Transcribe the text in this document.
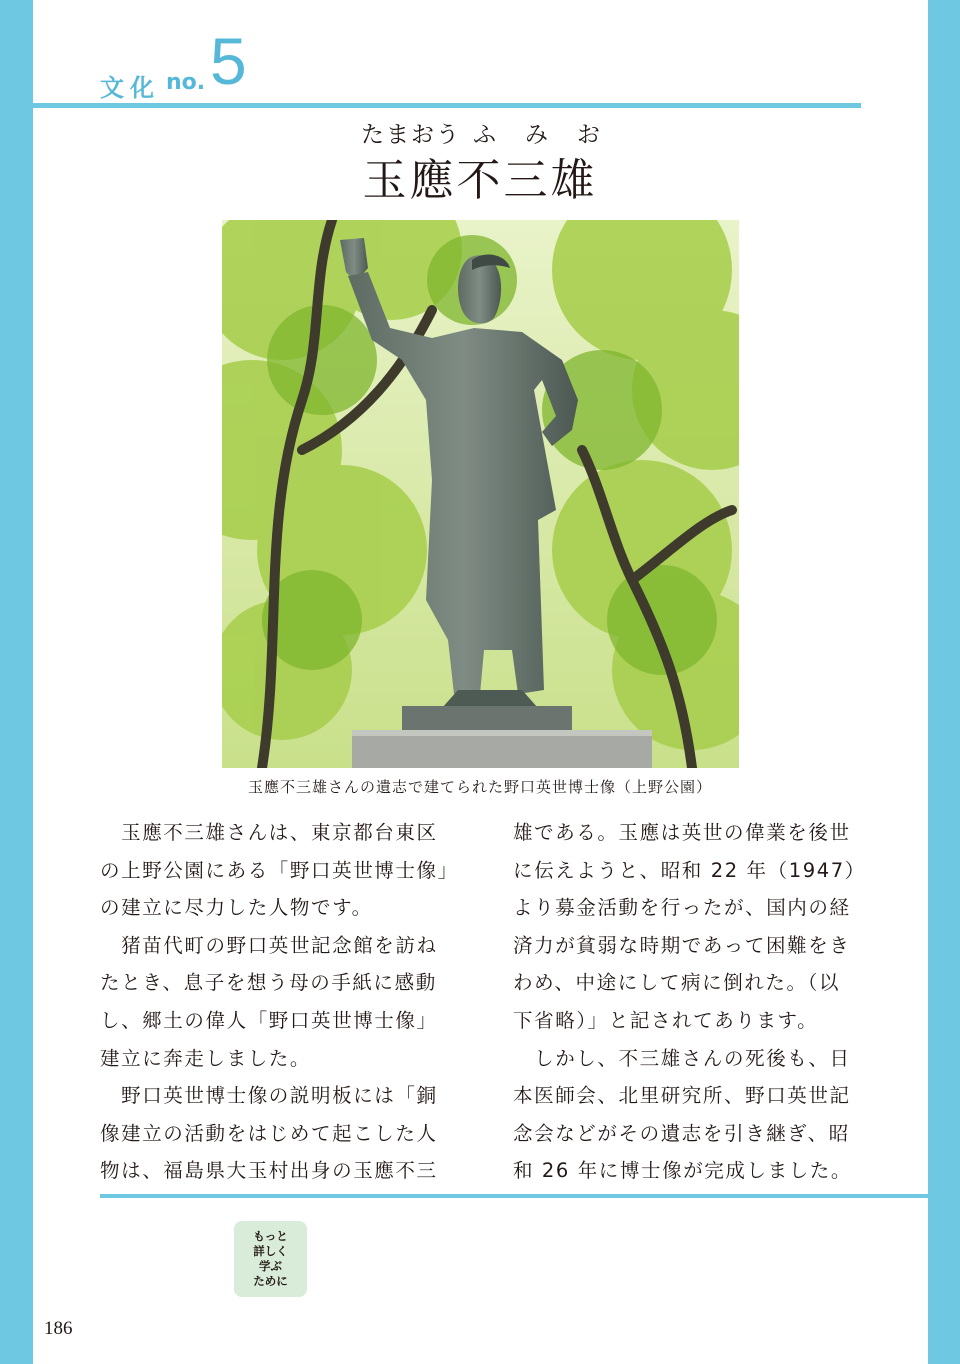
文化 no. 5
たまおう ふ み お
玉應不三雄
玉應不三雄さんの遺志で建てられた野口英世博士像（上野公園）

　玉應不三雄さんは、東京都台東区

の上野公園にある「野口英世博士像」

の建立に尽力した人物です。

　猪苗代町の野口英世記念館を訪ね

たとき、息子を想う母の手紙に感動

し、郷土の偉人「野口英世博士像」

建立に奔走しました。

　野口英世博士像の説明板には「銅

像建立の活動をはじめて起こした人

物は、福島県大玉村出身の玉應不三

雄である。玉應は英世の偉業を後世

に伝えようと、昭和 22 年（1947）

より募金活動を行ったが、国内の経

済力が貧弱な時期であって困難をき

わめ、中途にして病に倒れた。（以

下省略）」と記されてあります。

　しかし、不三雄さんの死後も、日

本医師会、北里研究所、野口英世記

念会などがその遺志を引き継ぎ、昭

和 26 年に博士像が完成しました。

もっと
詳しく
学ぶ
ために
186
